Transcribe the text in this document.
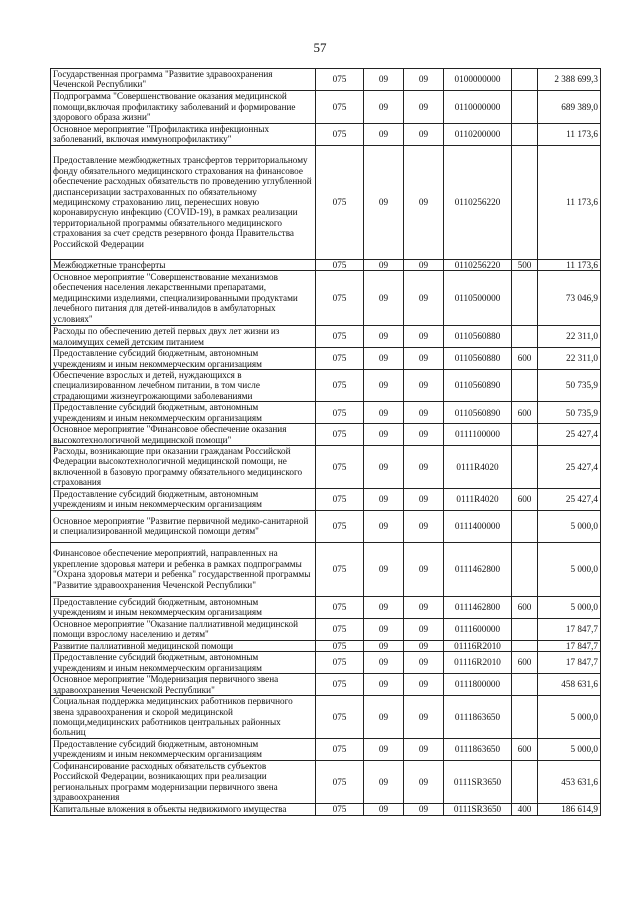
57
Государственная программа "Развитие здравоохранения Чеченской Республики"	075	09	09	0100000000		2 388 699,3
Подпрограмма "Совершенствование оказания медицинской помощи,включая профилактику заболеваний и формирование здорового образа жизни"	075	09	09	0110000000		689 389,0
Основное мероприятие "Профилактика инфекционных заболеваний, включая иммунопрофилактику"	075	09	09	0110200000		11 173,6
Предоставление межбюджетных трансфертов территориальному фонду обязательного медицинского страхования на финансовое обеспечение расходных обязательств по проведению углубленной диспансеризации застрахованных по обязательному медицинскому страхованию лиц, перенесших новую коронавирусную инфекцию (COVID-19), в рамках реализации территориальной программы обязательного медицинского страхования за счет средств резервного фонда Правительства Российской Федерации	075	09	09	0110256220		11 173,6
Межбюджетные трансферты	075	09	09	0110256220	500	11 173,6
Основное мероприятие "Совершенствование механизмов обеспечения населения лекарственными препаратами, медицинскими изделиями, специализированными продуктами лечебного питания для детей-инвалидов в амбулаторных условиях"	075	09	09	0110500000		73 046,9
Расходы по обеспечению детей первых двух лет жизни из малоимущих семей детским питанием	075	09	09	0110560880		22 311,0
Предоставление субсидий бюджетным, автономным учреждениям и иным некоммерческим организациям	075	09	09	0110560880	600	22 311,0
Обеспечение взрослых и детей, нуждающихся в специализированном лечебном питании, в том числе страдающими жизнеугрожающими заболеваниями	075	09	09	0110560890		50 735,9
Предоставление субсидий бюджетным, автономным учреждениям и иным некоммерческим организациям	075	09	09	0110560890	600	50 735,9
Основное мероприятие "Финансовое обеспечение оказания высокотехнологичной медицинской помощи"	075	09	09	0111100000		25 427,4
Расходы, возникающие при оказании гражданам Российской Федерации высокотехнологичной медицинской помощи, не включенной в базовую программу обязательного медицинского страхования	075	09	09	0111R4020		25 427,4
Предоставление субсидий бюджетным, автономным учреждениям и иным некоммерческим организациям	075	09	09	0111R4020	600	25 427,4
Основное мероприятие "Развитие первичной медико-санитарной и специализированной медицинской помощи детям"	075	09	09	0111400000		5 000,0
Финансовое обеспечение мероприятий, направленных на укрепление здоровья матери и ребенка в рамках подпрограммы "Охрана здоровья матери и ребенка" государственной программы "Развитие здравоохранения Чеченской Республики"	075	09	09	0111462800		5 000,0
Предоставление субсидий бюджетным, автономным учреждениям и иным некоммерческим организациям	075	09	09	0111462800	600	5 000,0
Основное мероприятие "Оказание паллиативной медицинской помощи взрослому населению и детям"	075	09	09	0111600000		17 847,7
Развитие паллиативной медицинской помощи	075	09	09	01116R2010		17 847,7
Предоставление субсидий бюджетным, автономным учреждениям и иным некоммерческим организациям	075	09	09	01116R2010	600	17 847,7
Основное мероприятие "Модернизация первичного звена здравоохранения Чеченской Республики"	075	09	09	0111800000		458 631,6
Социальная поддержка медицинских работников первичного звена здравоохранения и скорой медицинской помощи,медицинских работников центральных районных больниц	075	09	09	0111863650		5 000,0
Предоставление субсидий бюджетным, автономным учреждениям и иным некоммерческим организациям	075	09	09	0111863650	600	5 000,0
Софинансирование расходных обязательств субъектов Российской Федерации, возникающих при реализации региональных программ модернизации первичного звена здравоохранения	075	09	09	0111SR3650		453 631,6
Капитальные вложения в объекты недвижимого имущества	075	09	09	0111SR3650	400	186 614,9
